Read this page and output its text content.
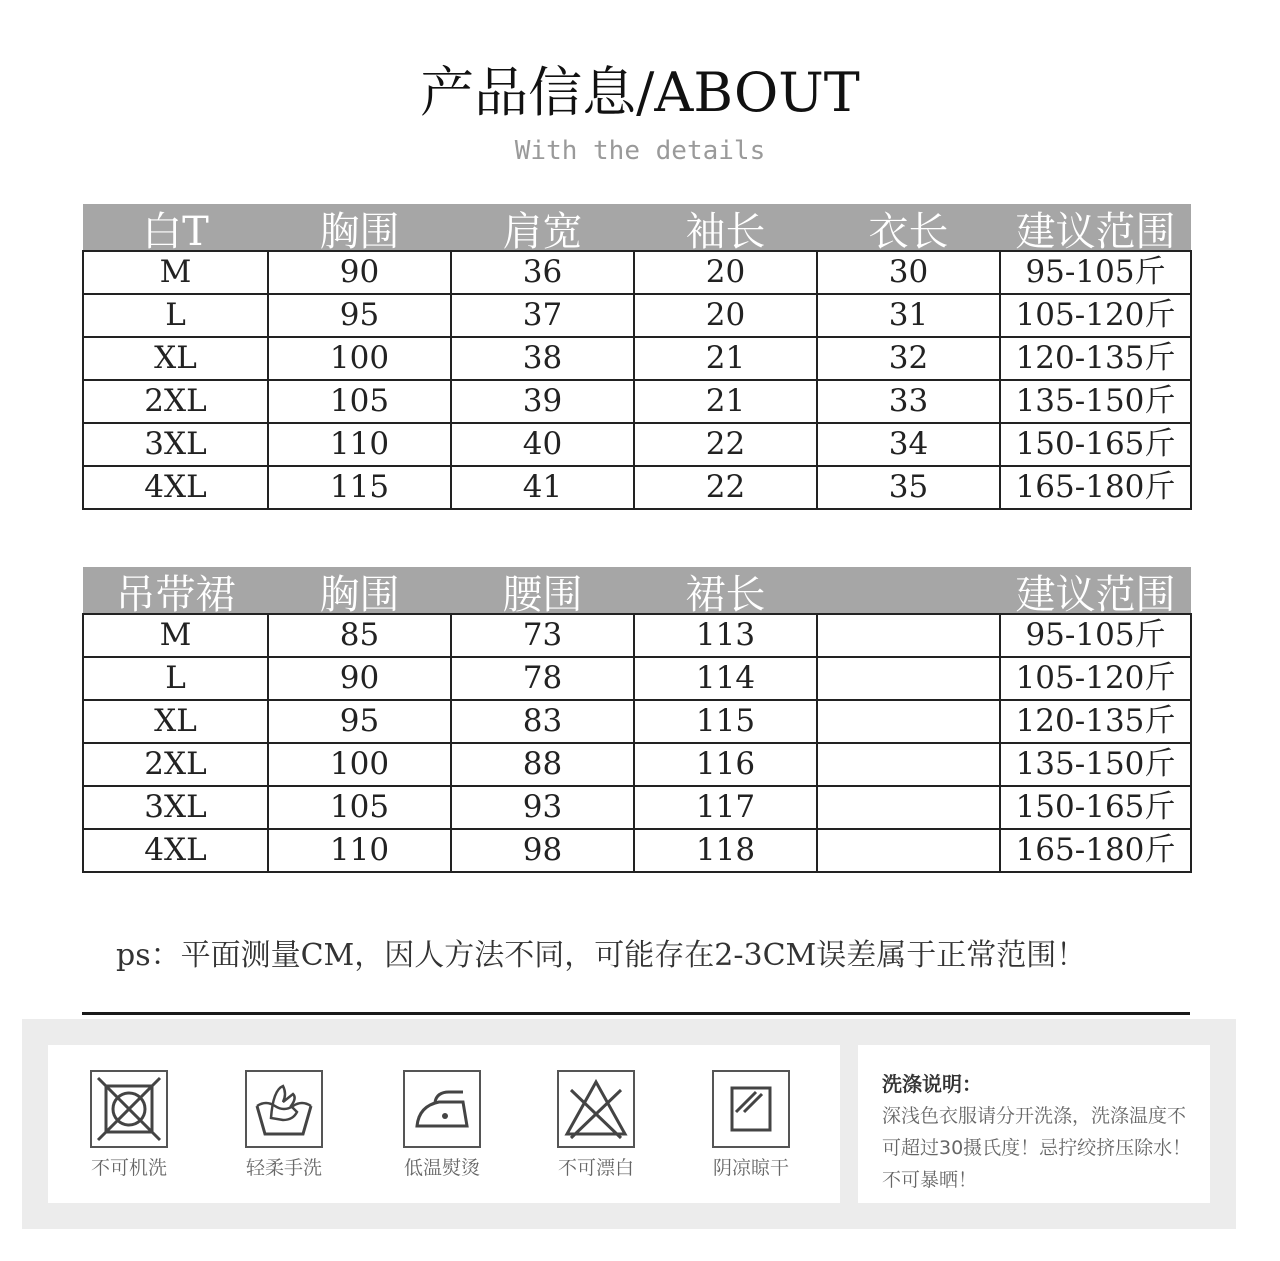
产品信息/ABOUT
With the details
白T	胸围	肩宽	袖长	衣长	建议范围

M	90	36	20	30	95-105斤
L	95	37	20	31	105-120斤
XL	100	38	21	32	120-135斤
2XL	105	39	21	33	135-150斤
3XL	110	40	22	34	150-165斤
4XL	115	41	22	35	165-180斤
吊带裙	胸围	腰围	裙长		建议范围

M	85	73	113		95-105斤
L	90	78	114		105-120斤
XL	95	83	115		120-135斤
2XL	100	88	116		135-150斤
3XL	105	93	117		150-165斤
4XL	110	98	118		165-180斤
ps：平面测量CM，因人方法不同，可能存在2-3CM误差属于正常范围！
不可机洗	轻柔手洗	低温熨烫	不可漂白	阴凉晾干
洗涤说明：
深浅色衣服请分开洗涤，洗涤温度不可超过30摄氏度！忌拧绞挤压除水！不可暴晒！
